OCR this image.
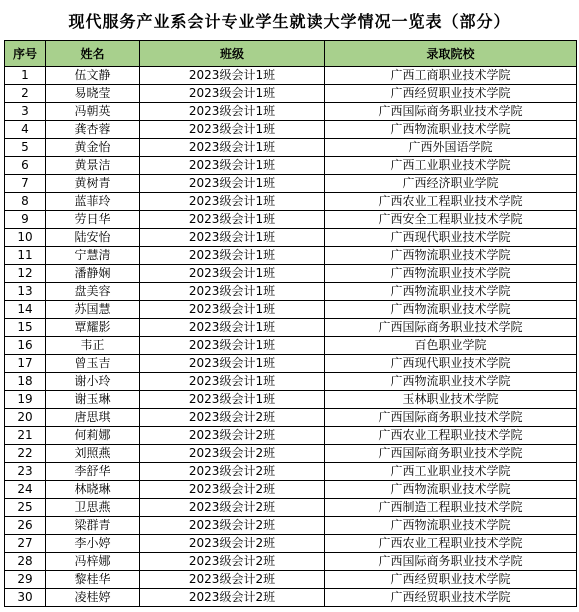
现代服务产业系会计专业学生就读大学情况一览表（部分）
序号	姓名	班级	录取院校
1	伍文静	2023级会计1班	广西工商职业技术学院
2	易晓莹	2023级会计1班	广西经贸职业技术学院
3	冯朝英	2023级会计1班	广西国际商务职业技术学院
4	龚杏蓉	2023级会计1班	广西物流职业技术学院
5	黄金怡	2023级会计1班	广西外国语学院
6	黄景洁	2023级会计1班	广西工业职业技术学院
7	黄树青	2023级会计1班	广西经济职业学院
8	蓝菲玲	2023级会计1班	广西农业工程职业技术学院
9	劳日华	2023级会计1班	广西安全工程职业技术学院
10	陆安怡	2023级会计1班	广西现代职业技术学院
11	宁慧清	2023级会计1班	广西物流职业技术学院
12	潘静娴	2023级会计1班	广西物流职业技术学院
13	盘美容	2023级会计1班	广西物流职业技术学院
14	苏国慧	2023级会计1班	广西物流职业技术学院
15	覃耀影	2023级会计1班	广西国际商务职业技术学院
16	韦正	2023级会计1班	百色职业学院
17	曾玉吉	2023级会计1班	广西现代职业技术学院
18	谢小玲	2023级会计1班	广西物流职业技术学院
19	谢玉琳	2023级会计1班	玉林职业技术学院
20	唐思琪	2023级会计2班	广西国际商务职业技术学院
21	何莉娜	2023级会计2班	广西农业工程职业技术学院
22	刘照燕	2023级会计2班	广西国际商务职业技术学院
23	李舒华	2023级会计2班	广西工业职业技术学院
24	林晓琳	2023级会计2班	广西物流职业技术学院
25	卫思燕	2023级会计2班	广西制造工程职业技术学院
26	梁群青	2023级会计2班	广西物流职业技术学院
27	李小婷	2023级会计2班	广西农业工程职业技术学院
28	冯梓娜	2023级会计2班	广西国际商务职业技术学院
29	黎桂华	2023级会计2班	广西经贸职业技术学院
30	凌桂婷	2023级会计2班	广西经贸职业技术学院
